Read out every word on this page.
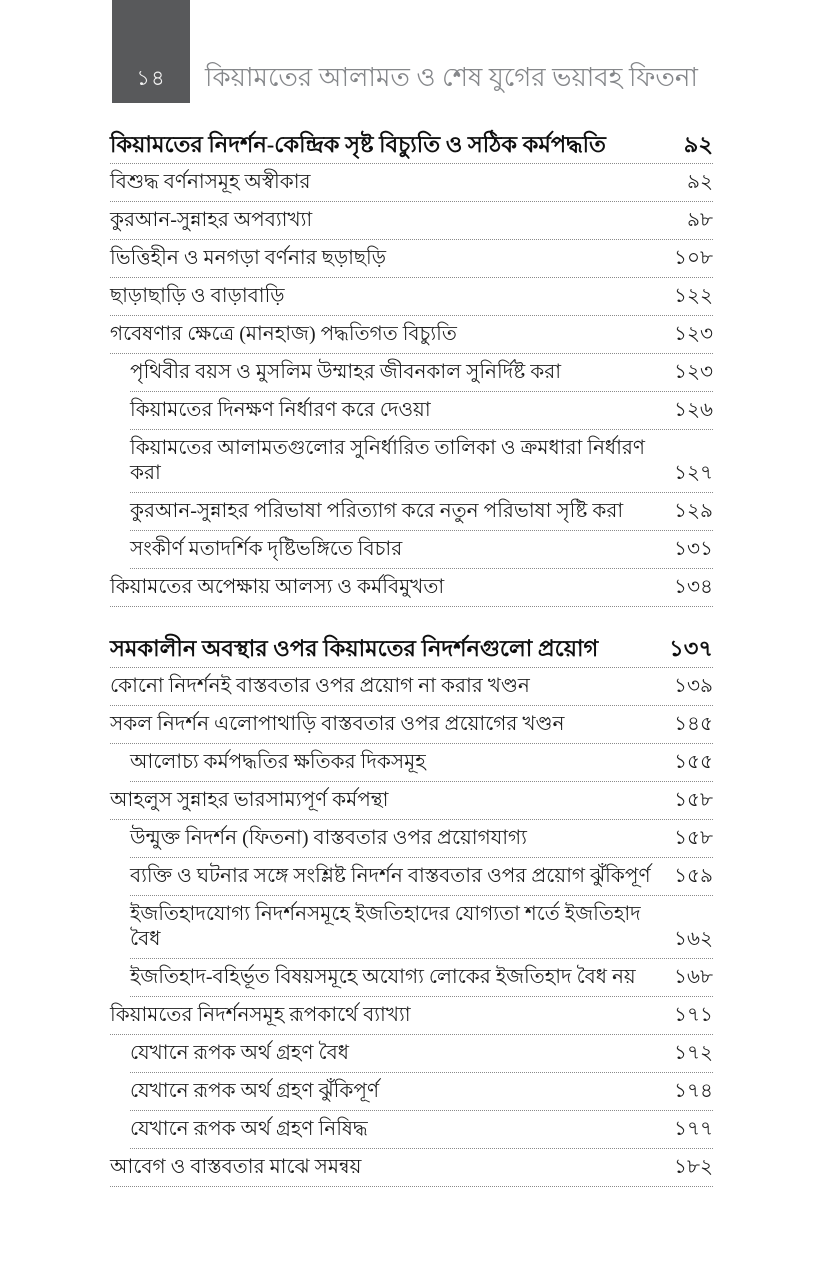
১৪ কিয়ামতের আলামত ও শেষ যুগের ভয়াবহ ফিতনা
কিয়ামতের নিদর্শন-কেন্দ্রিক সৃষ্ট বিচ্যুতি ও সঠিক কর্মপদ্ধতি	৯২
বিশুদ্ধ বর্ণনাসমূহ অস্বীকার	৯২
কুরআন-সুন্নাহর অপব্যাখ্যা	৯৮
ভিত্তিহীন ও মনগড়া বর্ণনার ছড়াছড়ি	১০৮
ছাড়াছাড়ি ও বাড়াবাড়ি	১২২
গবেষণার ক্ষেত্রে (মানহাজ) পদ্ধতিগত বিচ্যুতি	১২৩
পৃথিবীর বয়স ও মুসলিম উম্মাহর জীবনকাল সুনির্দিষ্ট করা	১২৩
কিয়ামতের দিনক্ষণ নির্ধারণ করে দেওয়া	১২৬
কিয়ামতের আলামতগুলোর সুনির্ধারিত তালিকা ও ক্রমধারা নির্ধারণ করা	১২৭
কুরআন-সুন্নাহর পরিভাষা পরিত্যাগ করে নতুন পরিভাষা সৃষ্টি করা	১২৯
সংকীর্ণ মতাদর্শিক দৃষ্টিভঙ্গিতে বিচার	১৩১
কিয়ামতের অপেক্ষায় আলস্য ও কর্মবিমুখতা	১৩৪
সমকালীন অবস্থার ওপর কিয়ামতের নিদর্শনগুলো প্রয়োগ	১৩৭
কোনো নিদর্শনই বাস্তবতার ওপর প্রয়োগ না করার খণ্ডন	১৩৯
সকল নিদর্শন এলোপাথাড়ি বাস্তবতার ওপর প্রয়োগের খণ্ডন	১৪৫
আলোচ্য কর্মপদ্ধতির ক্ষতিকর দিকসমূহ	১৫৫
আহলুস সুন্নাহর ভারসাম্যপূর্ণ কর্মপন্থা	১৫৮
উন্মুক্ত নিদর্শন (ফিতনা) বাস্তবতার ওপর প্রয়োগযাগ্য	১৫৮
ব্যক্তি ও ঘটনার সঙ্গে সংশ্লিষ্ট নিদর্শন বাস্তবতার ওপর প্রয়োগ ঝুঁকিপূর্ণ	১৫৯
ইজতিহাদযোগ্য নিদর্শনসমূহে ইজতিহাদের যোগ্যতা শর্তে ইজতিহাদ বৈধ	১৬২
ইজতিহাদ-বহির্ভূত বিষয়সমূহে অযোগ্য লোকের ইজতিহাদ বৈধ নয়	১৬৮
কিয়ামতের নিদর্শনসমূহ রূপকার্থে ব্যাখ্যা	১৭১
যেখানে রূপক অর্থ গ্রহণ বৈধ	১৭২
যেখানে রূপক অর্থ গ্রহণ ঝুঁকিপূর্ণ	১৭৪
যেখানে রূপক অর্থ গ্রহণ নিষিদ্ধ	১৭৭
আবেগ ও বাস্তবতার মাঝে সমন্বয়	১৮২
